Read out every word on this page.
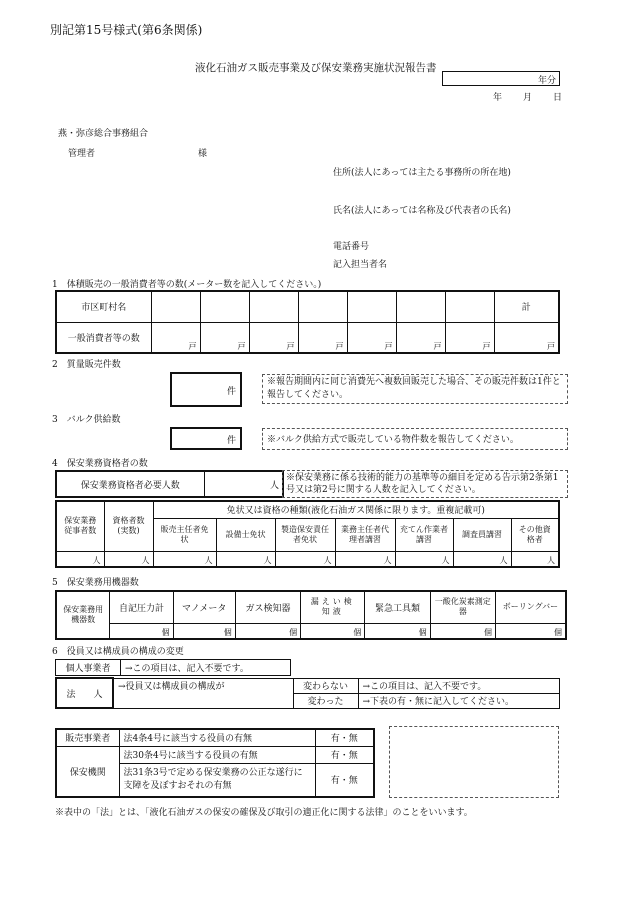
別記第15号様式(第6条関係)
液化石油ガス販売事業及び保安業務実施状況報告書
年分
年 月 日
燕・弥彦総合事務組合
管理者	様
住所(法人にあっては主たる事務所の所在地)
氏名(法人にあっては名称及び代表者の氏名)
電話番号
記入担当者名
1　体積販売の一般消費者等の数(メーター数を記入してください。)
市区町村名								計
一般消費者等の数	戸	戸	戸	戸	戸	戸	戸	戸
2　質量販売件数
件
※報告期間内に同じ消費先へ複数回販売した場合、その販売件数は1件と報告してください。
3　バルク供給数
件	※バルク供給方式で販売している物件数を報告してください。
4　保安業務資格者の数
保安業務資格者必要人数	人
※保安業務に係る技術的能力の基準等の細目を定める告示第2条第1号又は第2号に関する人数を記入してください。
保安業務従事者数	資格者数(実数)	免状又は資格の種類(液化石油ガス関係に限ります。重複記載可)						
		販売主任者免状	設備士免状	製造保安責任者免状	業務主任者代理者講習	充てん作業者講習	調査員講習	その他資格者
人	人	人	人	人	人	人	人	人
5　保安業務用機器数
保安業務用機器数	自記圧力計	マノメータ	ガス検知器	漏えい検知液	緊急工具類	一酸化炭素測定器	ボーリングバー
	個	個	個	個	個	個	個
6　役員又は構成員の構成の変更
個人事業者	→この項目は、記入不要です。
法　　人	→役員又は構成員の構成が	変わらない	→この項目は、記入不要です。
		変わった	→下表の有・無に記入してください。
販売事業者	法4条4号に該当する役員の有無	有・無
保安機関	法30条4号に該当する役員の有無	有・無
	法31条3号で定める保安業務の公正な遂行に支障を及ぼすおそれの有無	有・無
※表中の「法」とは、「液化石油ガスの保安の確保及び取引の適正化に関する法律」のことをいいます。
